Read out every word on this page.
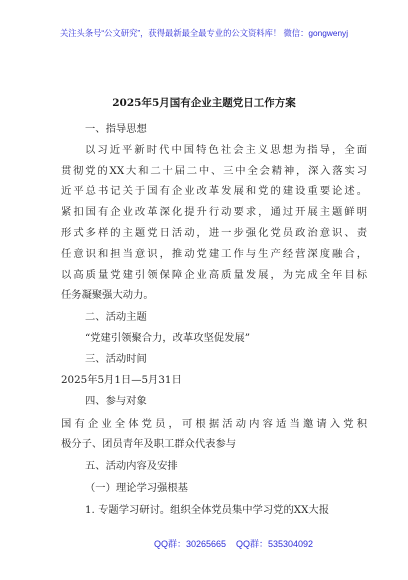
关注头条号“公文研究”，获得最新最全最专业的公文资料库！ 微信：gongwenyj
2025年5月国有企业主题党日工作方案
一、指导思想
以习近平新时代中国特色社会主义思想为指导，全面
贯彻党的XX大和二十届二中、三中全会精神，深入落实习
近平总书记关于国有企业改革发展和党的建设重要论述。
紧扣国有企业改革深化提升行动要求，通过开展主题鲜明
形式多样的主题党日活动，进一步强化党员政治意识、责
任意识和担当意识，推动党建工作与生产经营深度融合，
以高质量党建引领保障企业高质量发展，为完成全年目标
任务凝聚强大动力。
二、活动主题
“党建引领聚合力，改革攻坚促发展”
三、活动时间
2025年5月1日—5月31日
四、参与对象
国有企业全体党员，可根据活动内容适当邀请入党积
极分子、团员青年及职工群众代表参与
五、活动内容及安排
（一）理论学习强根基
1. 专题学习研讨。组织全体党员集中学习党的XX大报
QQ群：30265665 QQ群：535304092
